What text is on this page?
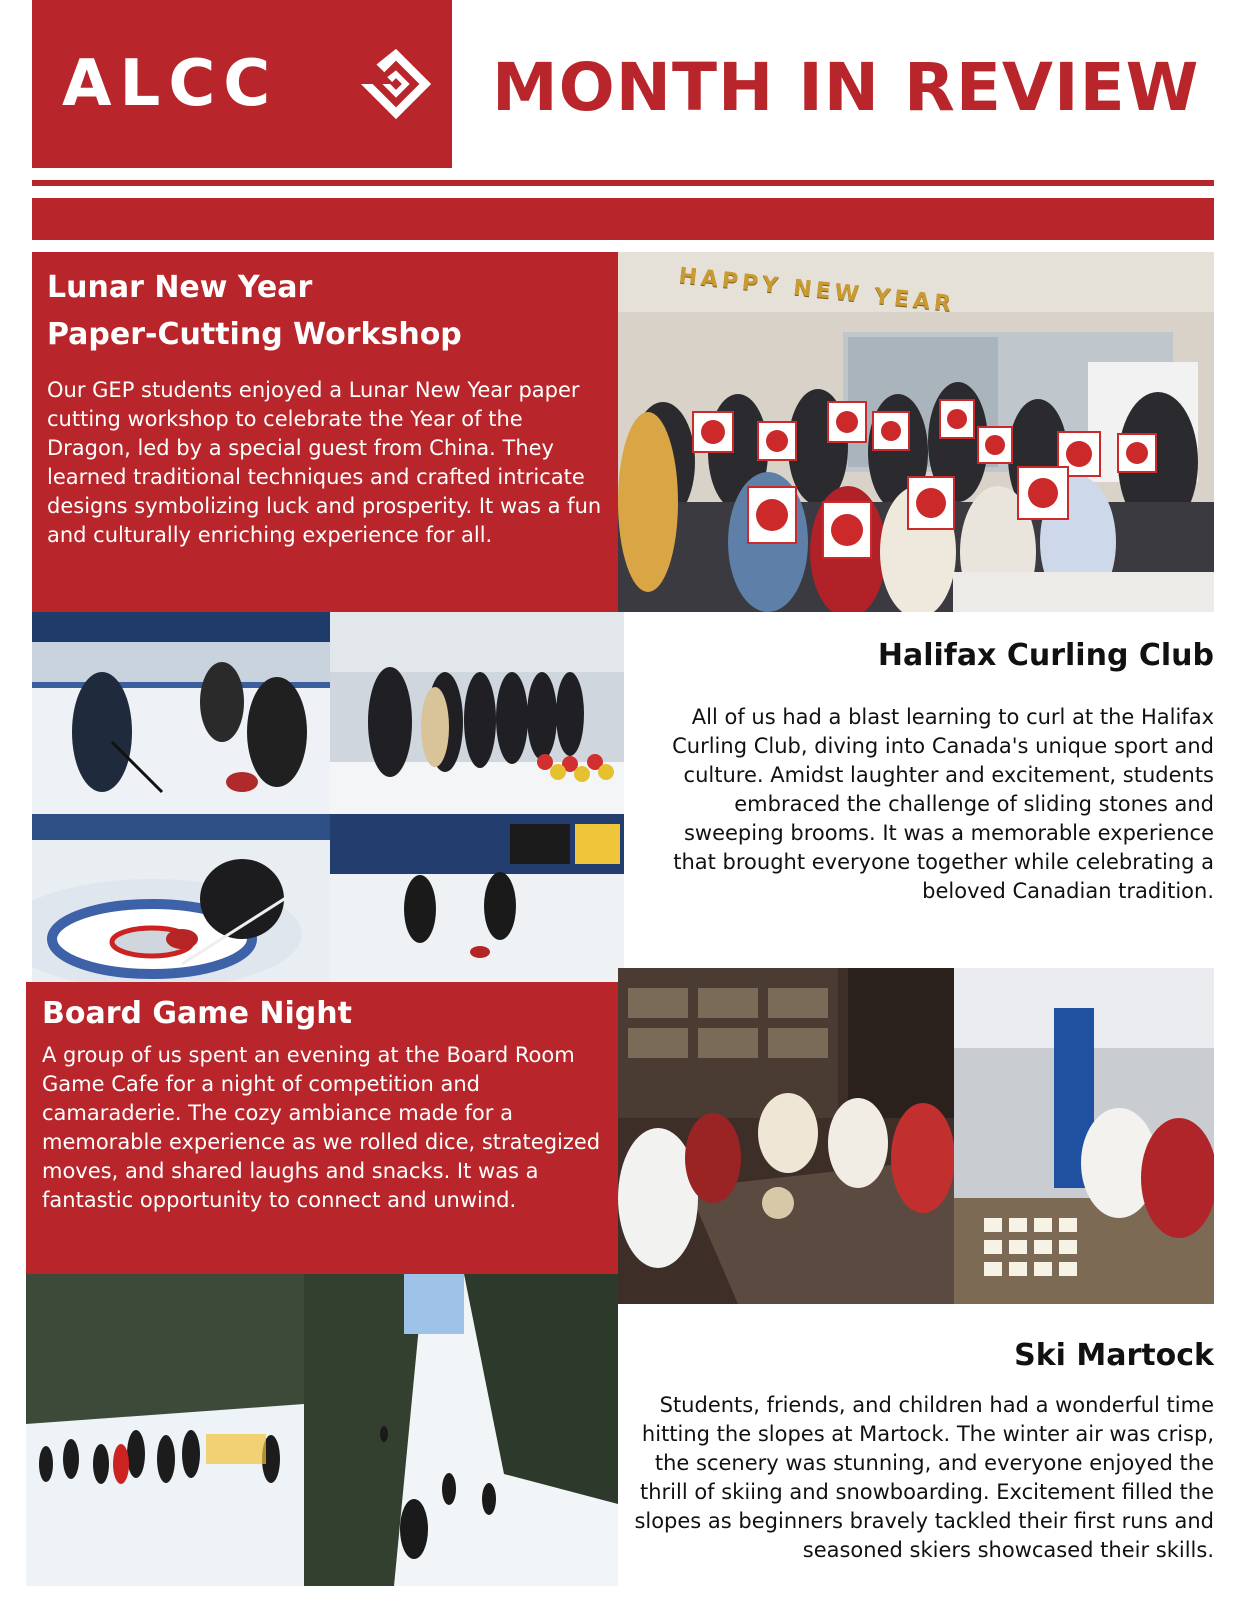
ALCC	MONTH IN REVIEW
Lunar New Year
Paper-Cutting Workshop

Our GEP students enjoyed a Lunar New Year paper cutting workshop to celebrate the Year of the Dragon, led by a special guest from China. They learned traditional techniques and crafted intricate designs symbolizing luck and prosperity. It was a fun and culturally enriching experience for all.

HAPPY NEW YEAR
Halifax Curling Club

All of us had a blast learning to curl at the Halifax Curling Club, diving into Canada's unique sport and culture. Amidst laughter and excitement, students embraced the challenge of sliding stones and sweeping brooms. It was a memorable experience that brought everyone together while celebrating a beloved Canadian tradition.

Board Game Night

A group of us spent an evening at the Board Room Game Cafe for a night of competition and camaraderie. The cozy ambiance made for a memorable experience as we rolled dice, strategized moves, and shared laughs and snacks. It was a fantastic opportunity to connect and unwind.

Ski Martock

Students, friends, and children had a wonderful time hitting the slopes at Martock. The winter air was crisp, the scenery was stunning, and everyone enjoyed the thrill of skiing and snowboarding. Excitement filled the slopes as beginners bravely tackled their first runs and seasoned skiers showcased their skills.
